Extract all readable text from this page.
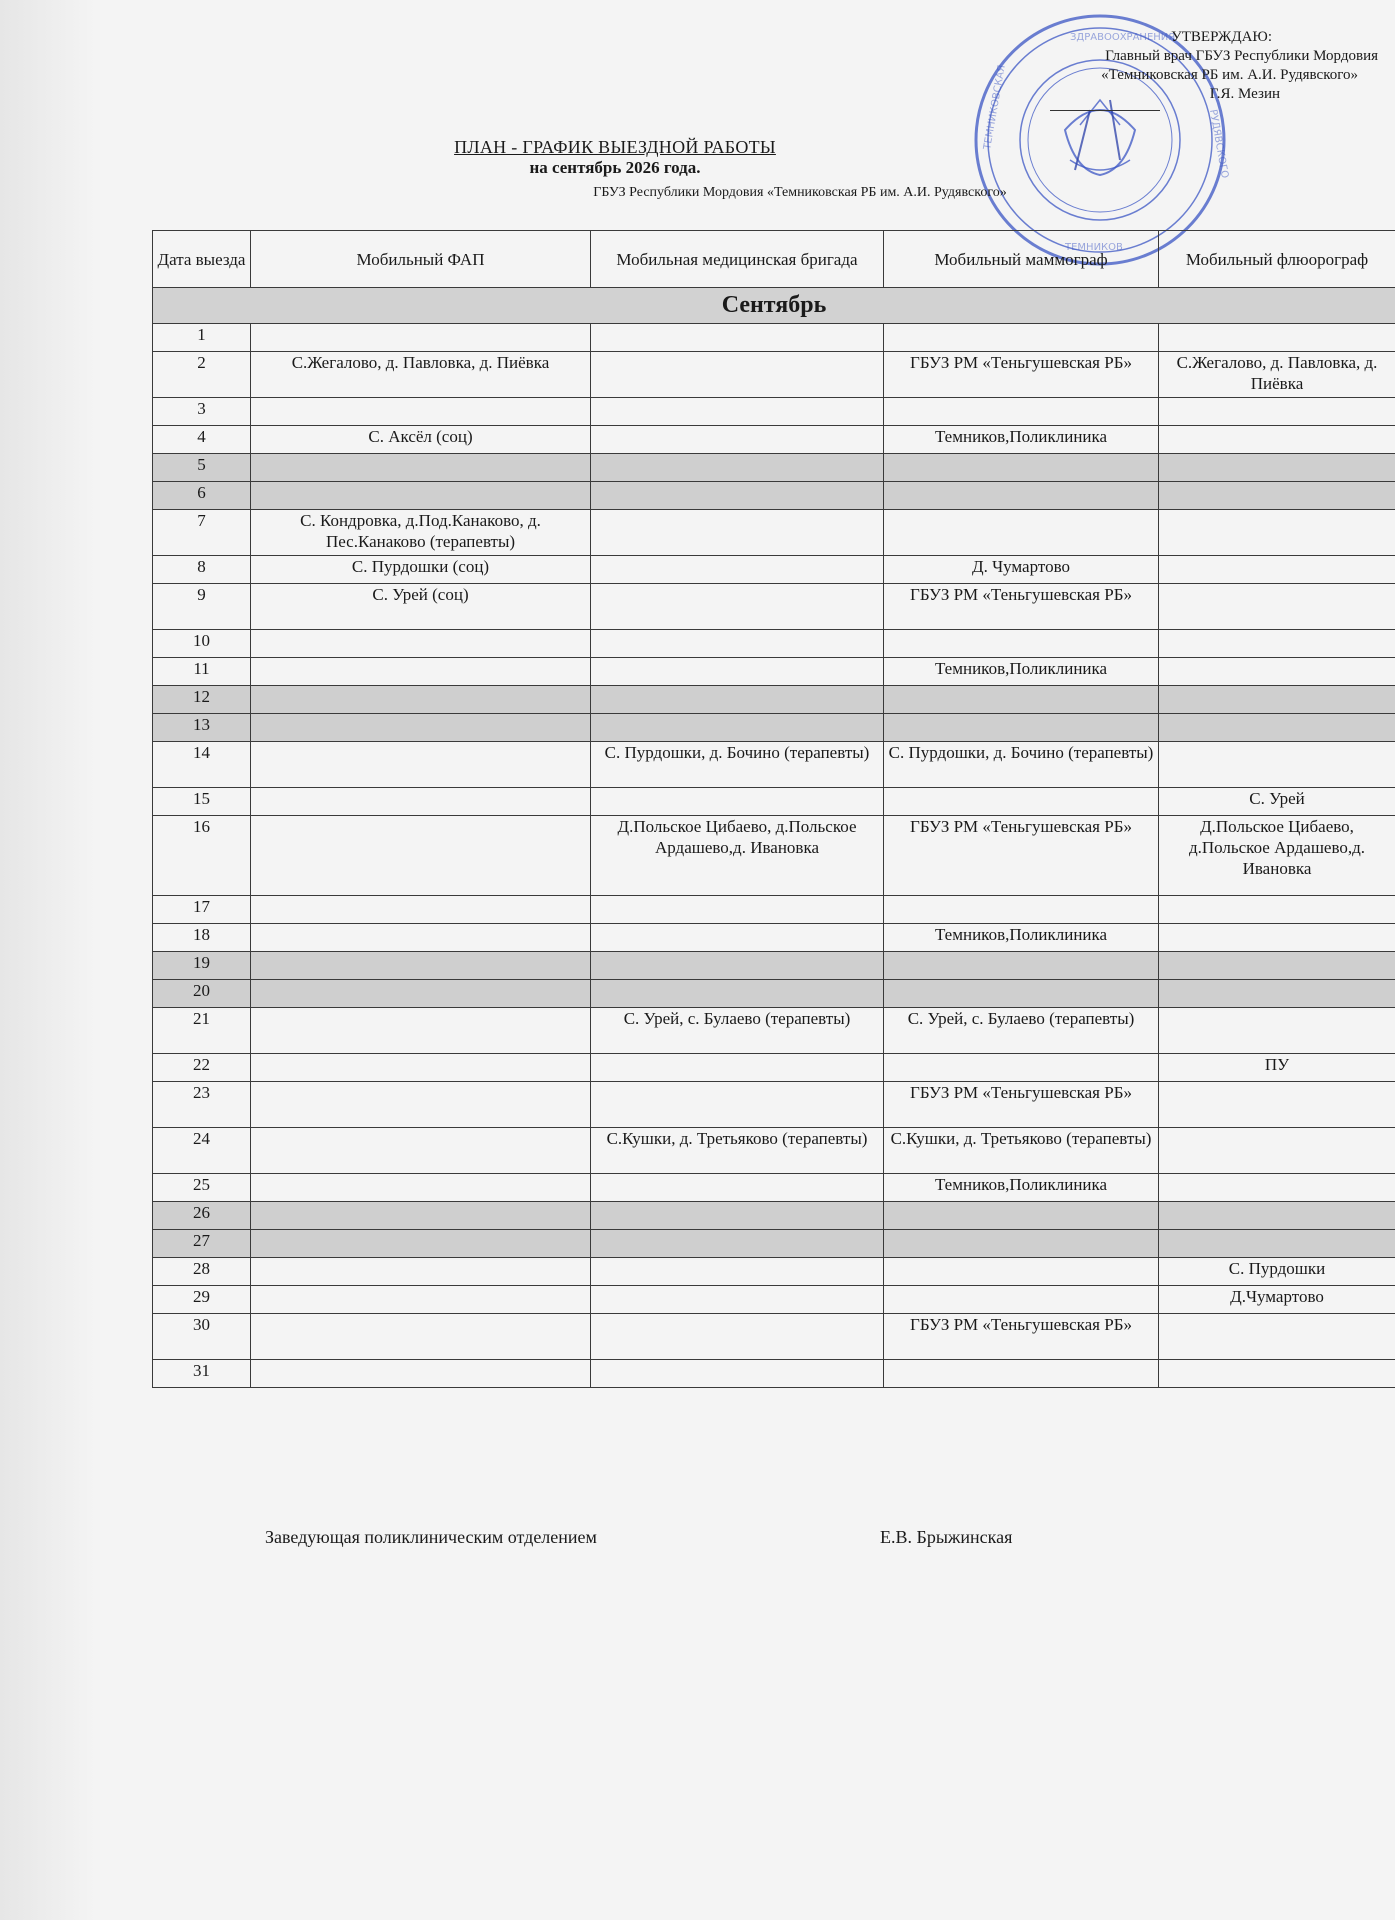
ЗДРАВООХРАНЕНИЯ
ТЕМНИКОВСКАЯ	РУДЯВСКОГО
ТЕМНИКОВ
УТВЕРЖДАЮ:
Главный врач ГБУЗ Республики Мордовия
«Темниковская РБ им. А.И. Рудявского»
Г.Я. Мезин
ПЛАН - ГРАФИК ВЫЕЗДНОЙ РАБОТЫ
на сентябрь 2026 года.
ГБУЗ Республики Мордовия «Темниковская РБ им. А.И. Рудявского»
Дата выезда	Мобильный ФАП	Мобильная медицинская бригада	Мобильный маммограф	Мобильный флюорограф
Сентябрь				
1				
2	С.Жегалово, д. Павловка, д. Пиёвка		ГБУЗ РМ «Теньгушевская РБ»	С.Жегалово, д. Павловка, д. Пиёвка
3				
4	С. Аксёл (соц)		Темников,Поликлиника	
5				
6				
7	С. Кондровка, д.Под.Канаково, д. Пес.Канаково (терапевты)			
8	С. Пурдошки (соц)		Д. Чумартово	
9	С. Урей (соц)		ГБУЗ РМ «Теньгушевская РБ»	
10				
11			Темников,Поликлиника	
12				
13				
14		С. Пурдошки, д. Бочино (терапевты)	С. Пурдошки, д. Бочино (терапевты)	
15				С. Урей
16		Д.Польское Цибаево, д.Польское Ардашево,д. Ивановка	ГБУЗ РМ «Теньгушевская РБ»	Д.Польское Цибаево, д.Польское Ардашево,д. Ивановка
17				
18			Темников,Поликлиника	
19				
20				
21		С. Урей, с. Булаево (терапевты)	С. Урей, с. Булаево (терапевты)	
22				ПУ
23			ГБУЗ РМ «Теньгушевская РБ»	
24		С.Кушки, д. Третьяково (терапевты)	С.Кушки, д. Третьяково (терапевты)	
25			Темников,Поликлиника	
26				
27				
28				С. Пурдошки
29				Д.Чумартово
30			ГБУЗ РМ «Теньгушевская РБ»	
31				
Заведующая поликлиническим отделением	Е.В. Брыжинская
